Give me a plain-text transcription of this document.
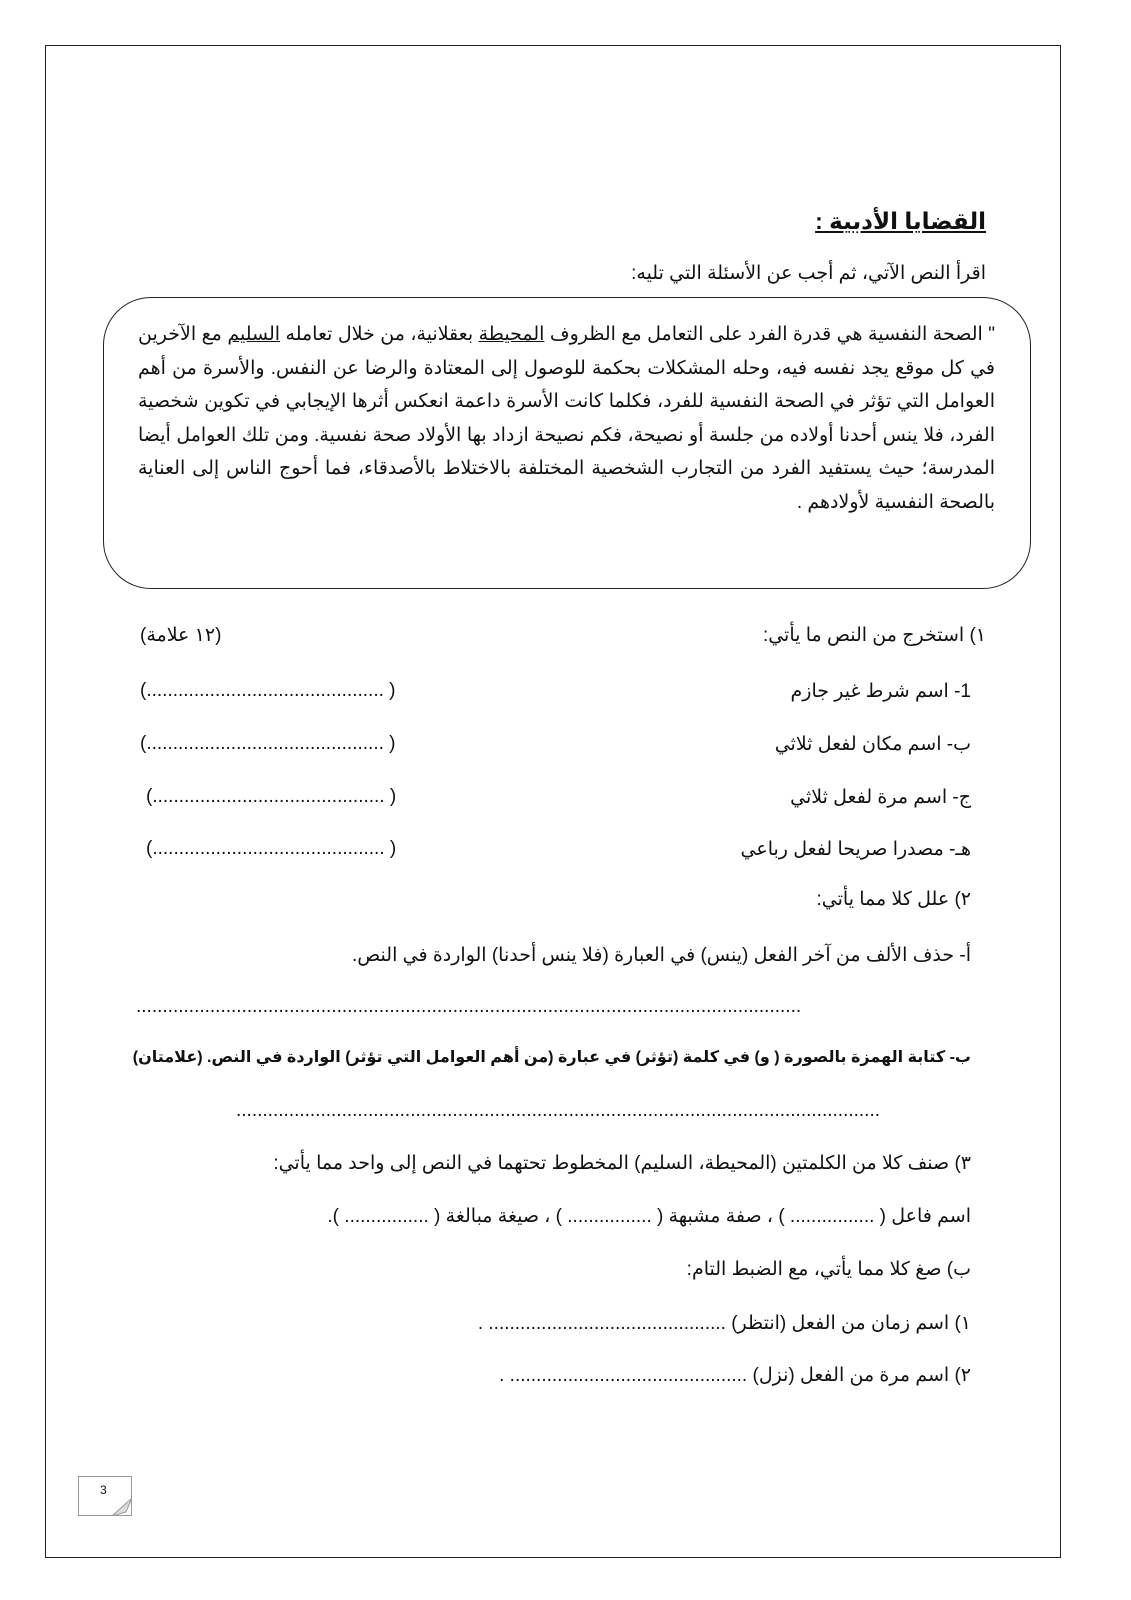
القضايا الأدبية :
اقرأ النص الآتي، ثم أجب عن الأسئلة التي تليه:
" الصحة النفسية هي قدرة الفرد على التعامل مع الظروف المحيطة بعقلانية، من خلال تعامله السليم مع الآخرين في كل موقع يجد نفسه فيه، وحله المشكلات بحكمة للوصول إلى المعتادة والرضا عن النفس. والأسرة من أهم العوامل التي تؤثر في الصحة النفسية للفرد، فكلما كانت الأسرة داعمة انعكس أثرها الإيجابي في تكوين شخصية الفرد، فلا ينس أحدنا أولاده من جلسة أو نصيحة، فكم نصيحة ازداد بها الأولاد صحة نفسية. ومن تلك العوامل أيضا المدرسة؛ حيث يستفيد الفرد من التجارب الشخصية المختلفة بالاختلاط بالأصدقاء، فما أحوج الناس إلى العناية بالصحة النفسية لأولادهم .
١) استخرج من النص ما يأتي:
(١٢ علامة)
1- اسم شرط غير جازم
(............................................. )
ب- اسم مكان لفعل ثلاثي
(............................................. )
ج- اسم مرة لفعل ثلاثي
(............................................ )
هـ- مصدرا صريحا لفعل رباعي
(............................................ )
٢) علل كلا مما يأتي:
أ- حذف الألف من آخر الفعل (ينس) في العبارة (فلا ينس أحدنا) الواردة في النص.
..............................................................................................................................
ب- كتابة الهمزة بالصورة ( و) في كلمة (تؤثر) في عبارة (من أهم العوامل التي تؤثر) الواردة في النص. (علامتان)
..........................................................................................................................
٣) صنف كلا من الكلمتين (المحيطة، السليم) المخطوط تحتهما في النص إلى واحد مما يأتي:
اسم فاعل ( ................ ) ، صفة مشبهة ( ................ ) ، صيغة مبالغة ( ................ ).
ب) صغ كلا مما يأتي، مع الضبط التام:
١) اسم زمان من الفعل (انتظر) ............................................. .
٢) اسم مرة من الفعل (نزل) ............................................. .
3
